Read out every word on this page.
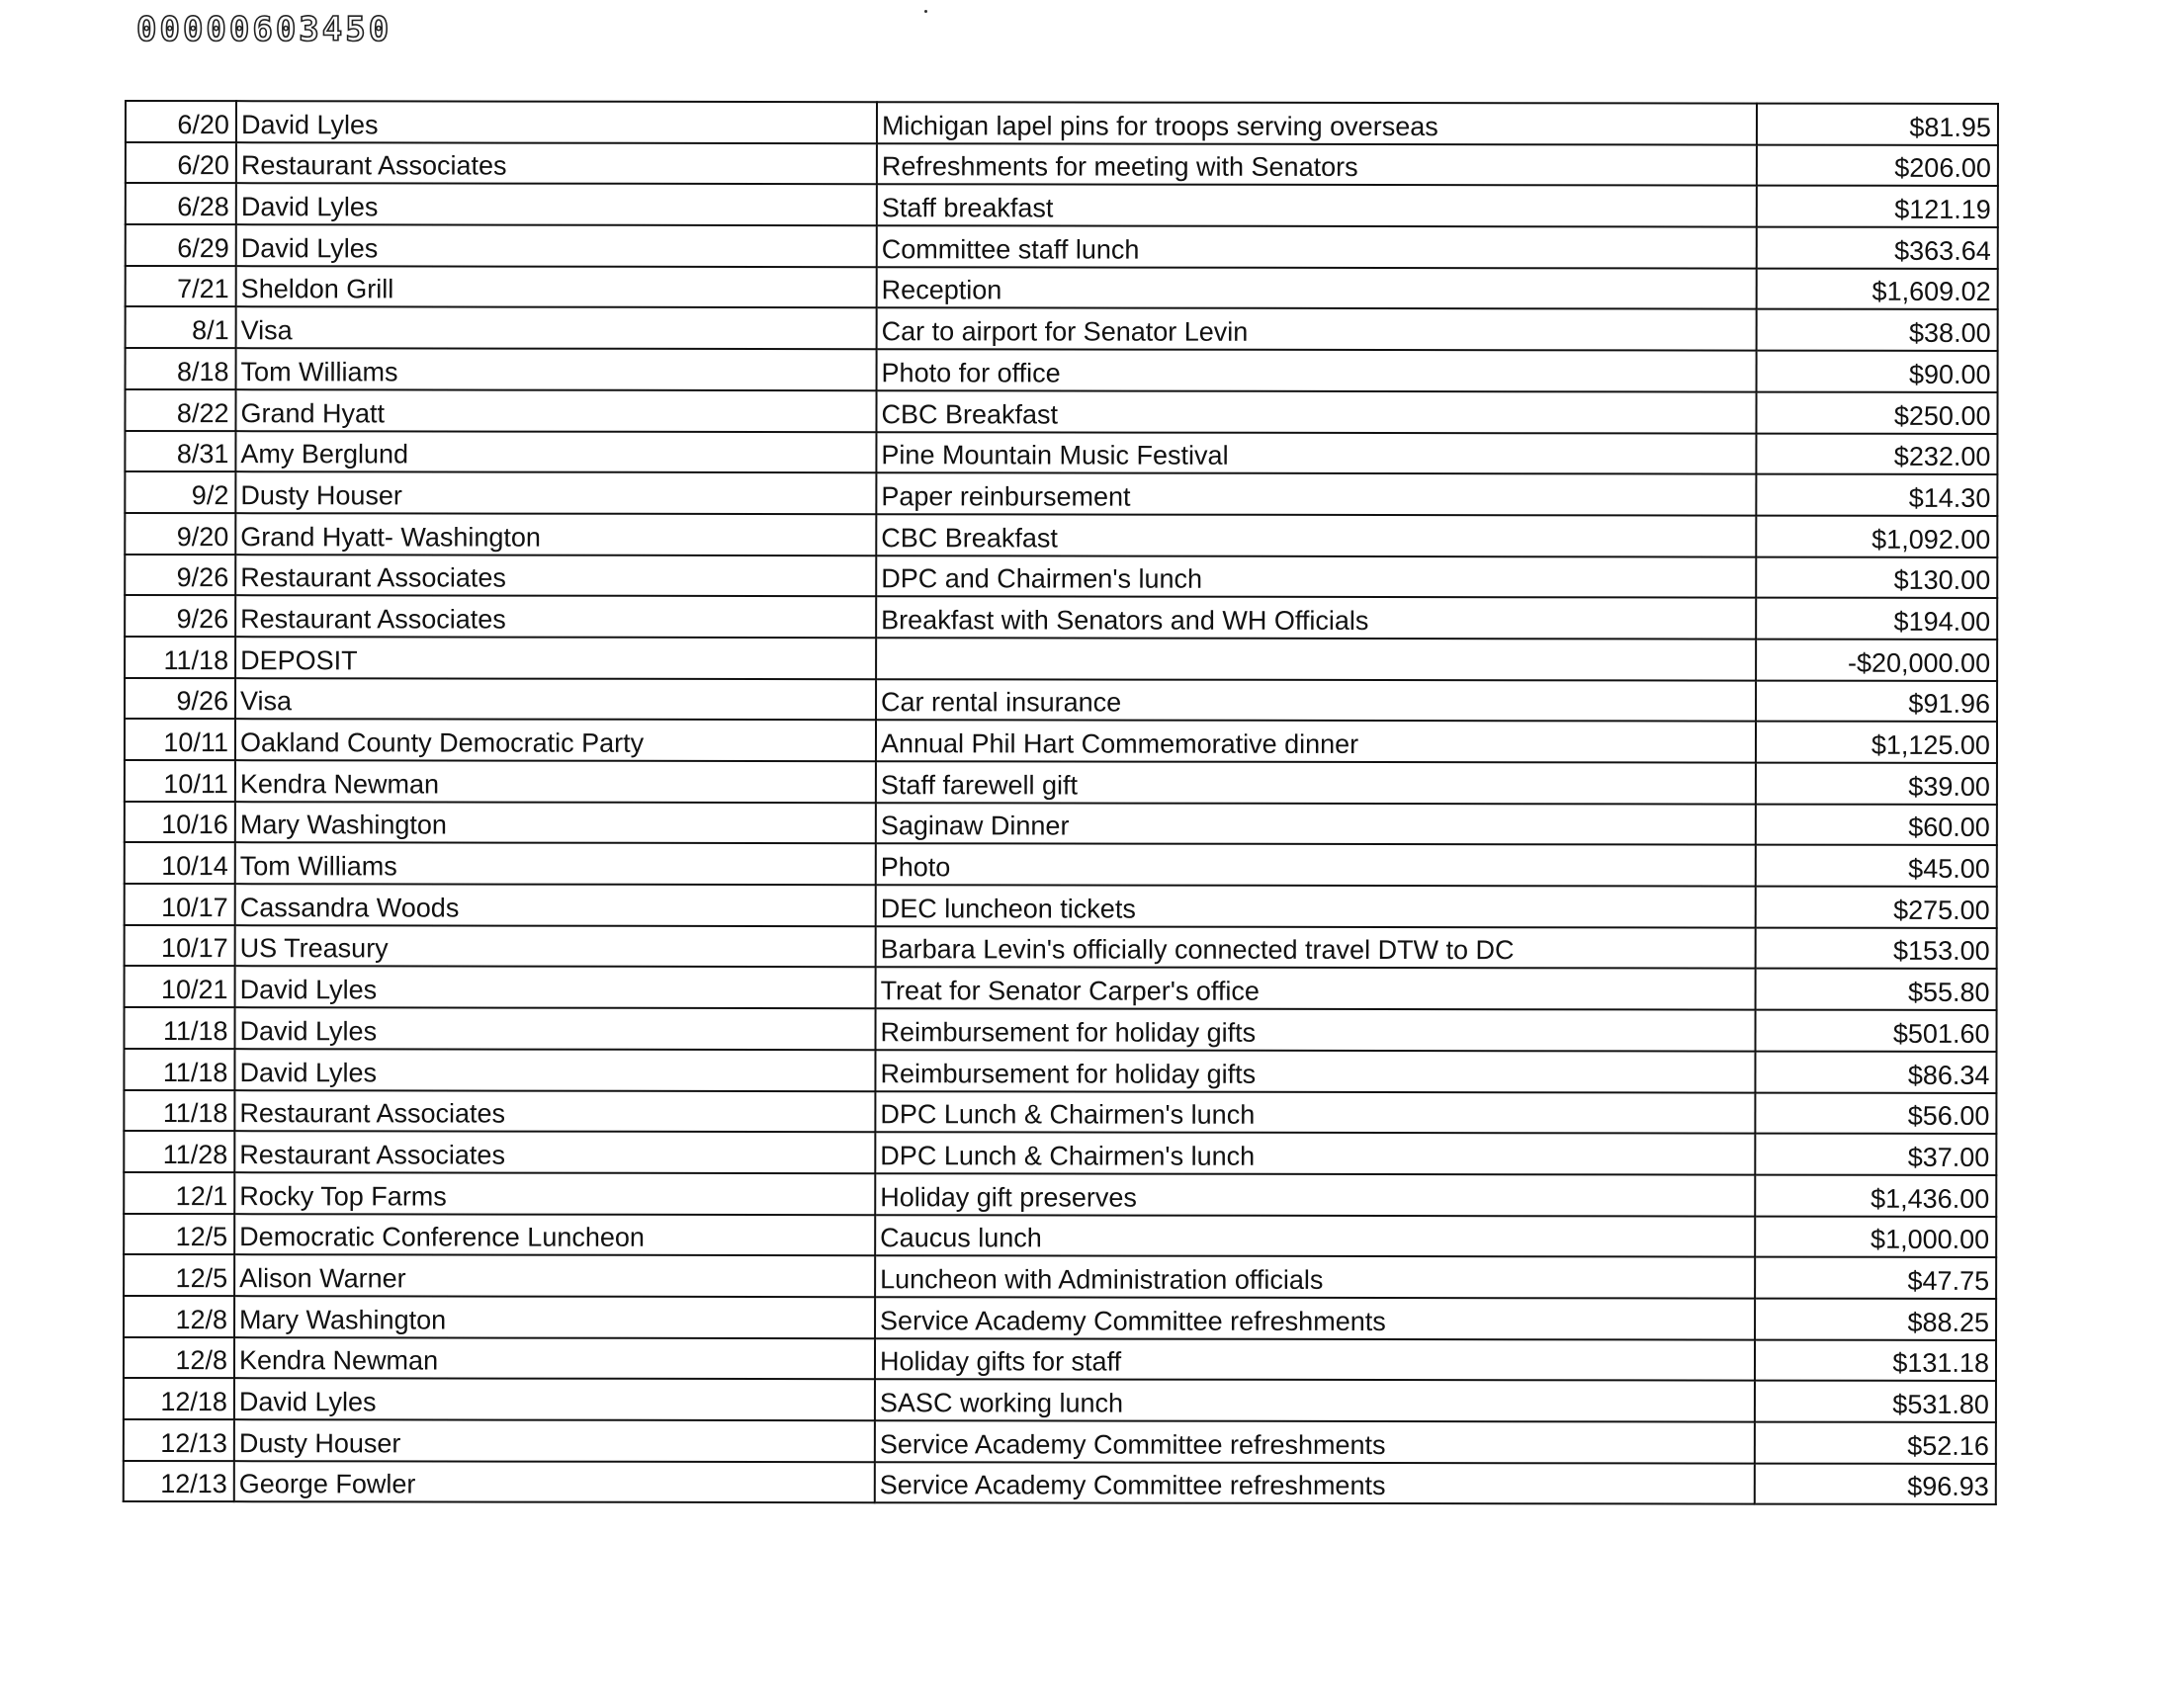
00000603450
6/20	David Lyles	Michigan lapel pins for troops serving overseas	$81.95
6/20	Restaurant Associates	Refreshments for meeting with Senators	$206.00
6/28	David Lyles	Staff breakfast	$121.19
6/29	David Lyles	Committee staff lunch	$363.64
7/21	Sheldon Grill	Reception	$1,609.02
8/1	Visa	Car to airport for Senator Levin	$38.00
8/18	Tom Williams	Photo for office	$90.00
8/22	Grand Hyatt	CBC Breakfast	$250.00
8/31	Amy Berglund	Pine Mountain Music Festival	$232.00
9/2	Dusty Houser	Paper reinbursement	$14.30
9/20	Grand Hyatt- Washington	CBC Breakfast	$1,092.00
9/26	Restaurant Associates	DPC and Chairmen's lunch	$130.00
9/26	Restaurant Associates	Breakfast with Senators and WH Officials	$194.00
11/18	DEPOSIT		-$20,000.00
9/26	Visa	Car rental insurance	$91.96
10/11	Oakland County Democratic Party	Annual Phil Hart Commemorative dinner	$1,125.00
10/11	Kendra Newman	Staff farewell gift	$39.00
10/16	Mary Washington	Saginaw Dinner	$60.00
10/14	Tom Williams	Photo	$45.00
10/17	Cassandra Woods	DEC luncheon tickets	$275.00
10/17	US Treasury	Barbara Levin's officially connected travel DTW to DC	$153.00
10/21	David Lyles	Treat for Senator Carper's office	$55.80
11/18	David Lyles	Reimbursement for holiday gifts	$501.60
11/18	David Lyles	Reimbursement for holiday gifts	$86.34
11/18	Restaurant Associates	DPC Lunch & Chairmen's lunch	$56.00
11/28	Restaurant Associates	DPC Lunch & Chairmen's lunch	$37.00
12/1	Rocky Top Farms	Holiday gift preserves	$1,436.00
12/5	Democratic Conference Luncheon	Caucus lunch	$1,000.00
12/5	Alison Warner	Luncheon with Administration officials	$47.75
12/8	Mary Washington	Service Academy Committee refreshments	$88.25
12/8	Kendra Newman	Holiday gifts for staff	$131.18
12/18	David Lyles	SASC working lunch	$531.80
12/13	Dusty Houser	Service Academy Committee refreshments	$52.16
12/13	George Fowler	Service Academy Committee refreshments	$96.93
